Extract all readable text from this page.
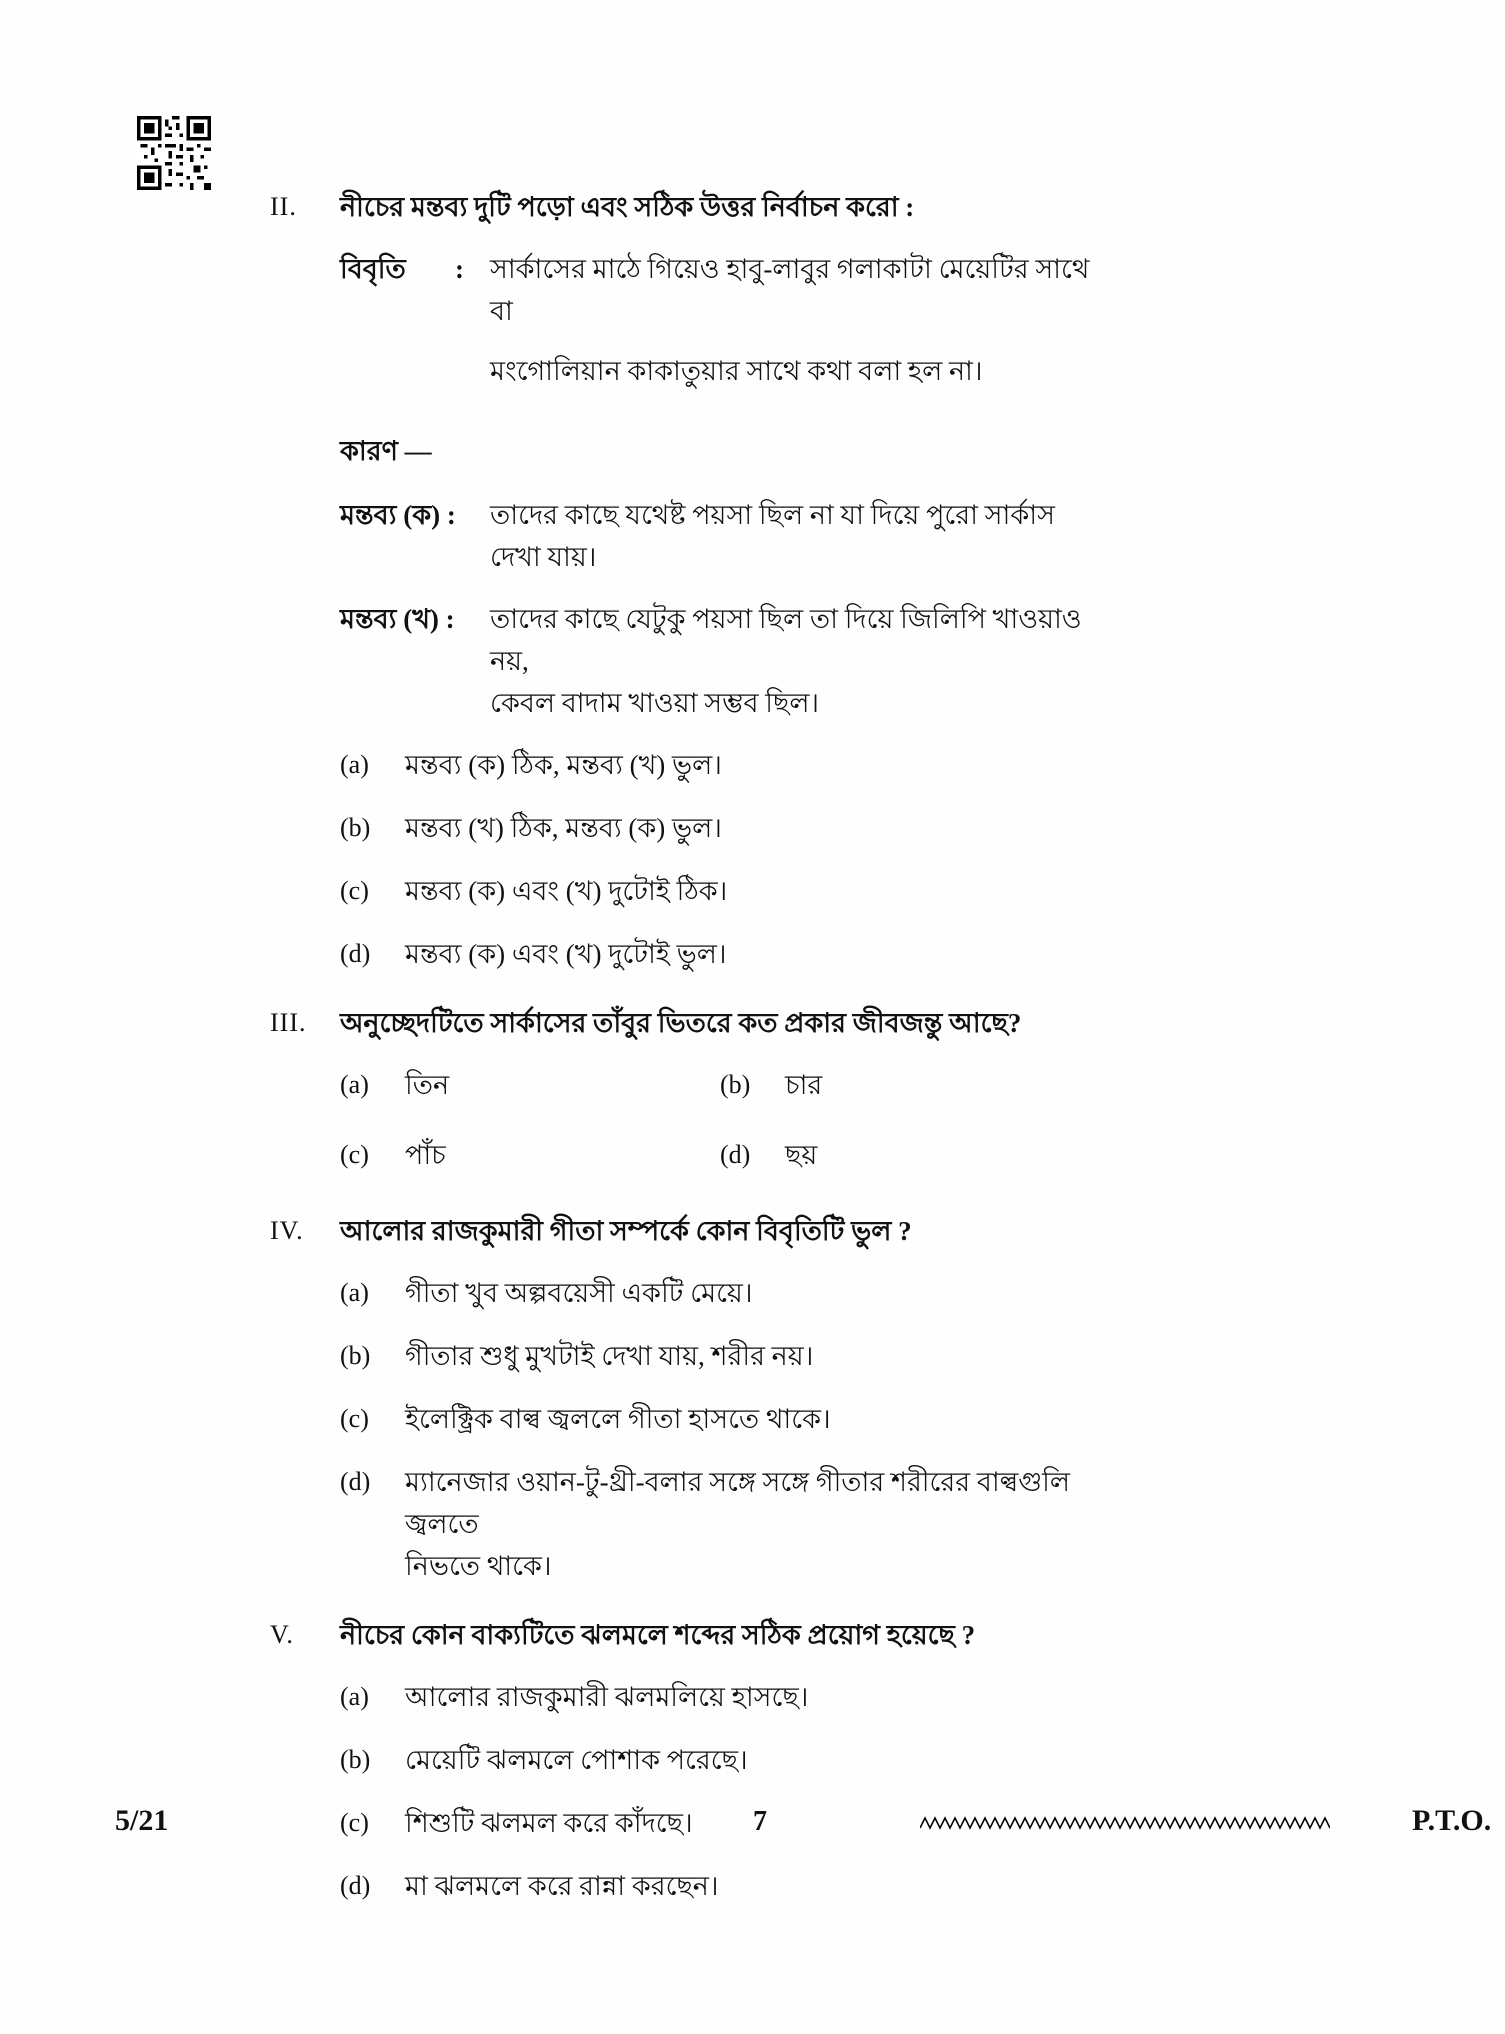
II.	নীচের মন্তব্য দুটি পড়ো এবং সঠিক উত্তর নির্বাচন করো :
বিবৃতি	: সার্কাসের মাঠে গিয়েও হাবু-লাবুর গলাকাটা মেয়েটির সাথে বা

মংগোলিয়ান কাকাতুয়ার সাথে কথা বলা হল না।

কারণ —

মন্তব্য (ক) :	তাদের কাছে যথেষ্ট পয়সা ছিল না যা দিয়ে পুরো সার্কাস দেখা যায়।
মন্তব্য (খ) :	তাদের কাছে যেটুকু পয়সা ছিল তা দিয়ে জিলিপি খাওয়াও নয়,

কেবল বাদাম খাওয়া সম্ভব ছিল।

(a)	মন্তব্য (ক) ঠিক, মন্তব্য (খ) ভুল।
(b)	মন্তব্য (খ) ঠিক, মন্তব্য (ক) ভুল।
(c)	মন্তব্য (ক) এবং (খ) দুটোই ঠিক।
(d)	মন্তব্য (ক) এবং (খ) দুটোই ভুল।
III.	অনুচ্ছেদটিতে সার্কাসের তাঁবুর ভিতরে কত প্রকার জীবজন্তু আছে?
(a)	তিন	(b)	চার
(c)	পাঁচ	(d)	ছয়
IV.	আলোর রাজকুমারী গীতা সম্পর্কে কোন বিবৃতিটি ভুল ?
(a)	গীতা খুব অল্পবয়েসী একটি মেয়ে।
(b)	গীতার শুধু মুখটাই দেখা যায়, শরীর নয়।
(c)	ইলেক্ট্রিক বাল্ব জ্বললে গীতা হাসতে থাকে।
(d)	ম্যানেজার ওয়ান-টু-থ্রী-বলার সঙ্গে সঙ্গে গীতার শরীরের বাল্বগুলি জ্বলতে

নিভতে থাকে।

V.	নীচের কোন বাক্যটিতে ঝলমলে শব্দের সঠিক প্রয়োগ হয়েছে ?
(a)	আলোর রাজকুমারী ঝলমলিয়ে হাসছে।
(b)	মেয়েটি ঝলমলে পোশাক পরেছে।
(c)	শিশুটি ঝলমল করে কাঁদছে।
(d)	মা ঝলমলে করে রান্না করছেন।
5/21	7	P.T.O.
